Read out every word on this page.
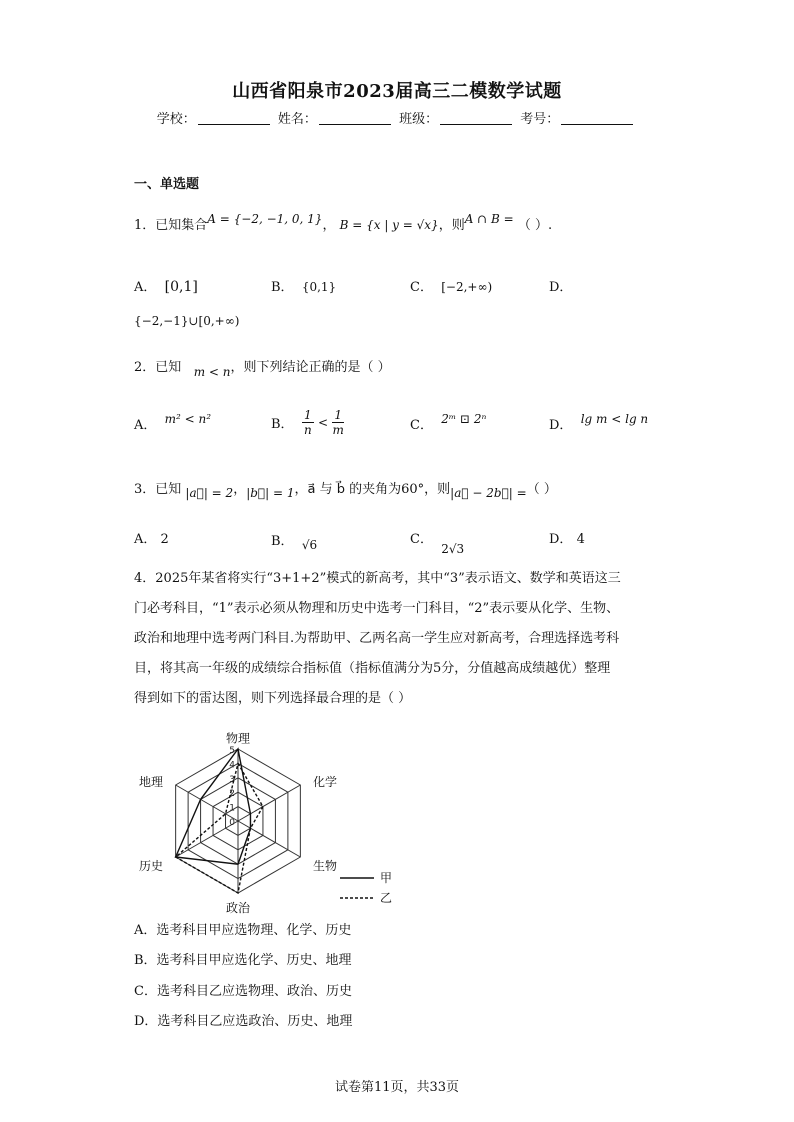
山西省阳泉市2023届高三二模数学试题
学校：	姓名：	班级：	考号：
一、单选题
1．已知集合A = {−2, −1, 0, 1}， B = {x | y = √x}，则A ∩ B = （ ）.
A． [0,1]	B． {0,1}	C． [−2,+∞)	D．
{−2,−1}∪[0,+∞)
2．已知 m < n，则下列结论正确的是（ ）
A． m² < n²	B． $\frac{1}{n} < \frac{1}{m}$	C． 2ᵐ ⊡ 2ⁿ	D． lg m < lg n
3．已知 |a⃗| = 2，|b⃗| = 1，a⃗ 与 b⃗ 的夹角为60°，则|a⃗ − 2b⃗| =（ ）
A． 2	B． √6	C．  2√3
D． 4
4．2025年某省将实行“3+1+2”模式的新高考，其中“3”表示语文、数学和英语这三
门必考科目，“1”表示必须从物理和历史中选考一门科目，“2”表示要从化学、生物、
政治和地理中选考两门科目.为帮助甲、乙两名高一学生应对新高考，合理选择选考科
目，将其高一年级的成绩综合指标值（指标值满分为5分，分值越高成绩越优）整理
得到如下的雷达图，则下列选择最合理的是（ ）
0
1
2
3
4
5
物理
化学
生物
政治
历史
地理
甲
乙
A．选考科目甲应选物理、化学、历史
B．选考科目甲应选化学、历史、地理
C．选考科目乙应选物理、政治、历史
D．选考科目乙应选政治、历史、地理
试卷第11页，共33页
